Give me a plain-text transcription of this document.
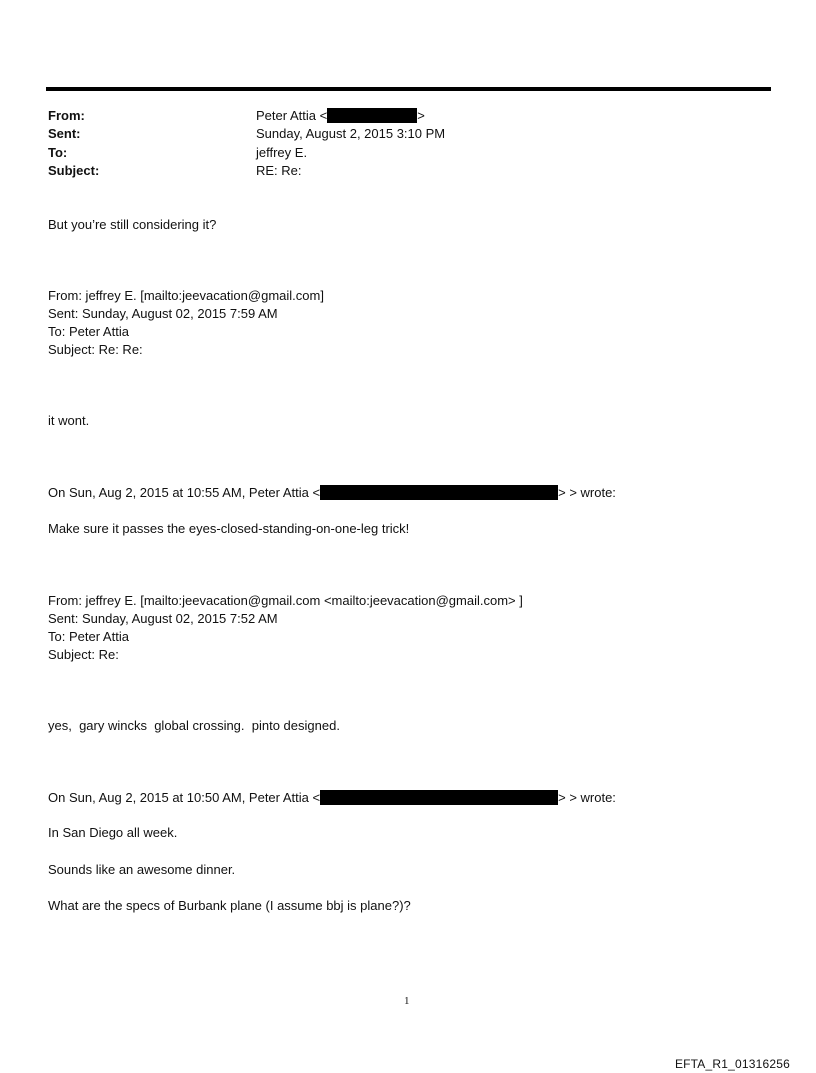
From:	Peter Attia <	>
Sent:	Sunday, August 2, 2015 3:10 PM
To:	jeffrey E.
Subject:	RE: Re:
But you’re still considering it?
From: jeffrey E. [mailto:jeevacation@gmail.com]
Sent: Sunday, August 02, 2015 7:59 AM
To: Peter Attia
Subject: Re: Re:
it wont.
On Sun, Aug 2, 2015 at 10:55 AM, Peter Attia <	> > wrote:
Make sure it passes the eyes-closed-standing-on-one-leg trick!
From: jeffrey E. [mailto:jeevacation@gmail.com <mailto:jeevacation@gmail.com> ]
Sent: Sunday, August 02, 2015 7:52 AM
To: Peter Attia
Subject: Re:
yes,  gary wincks  global crossing.  pinto designed.
On Sun, Aug 2, 2015 at 10:50 AM, Peter Attia <	> > wrote:
In San Diego all week.
Sounds like an awesome dinner.
What are the specs of Burbank plane (I assume bbj is plane?)?
1
EFTA_R1_01316256
